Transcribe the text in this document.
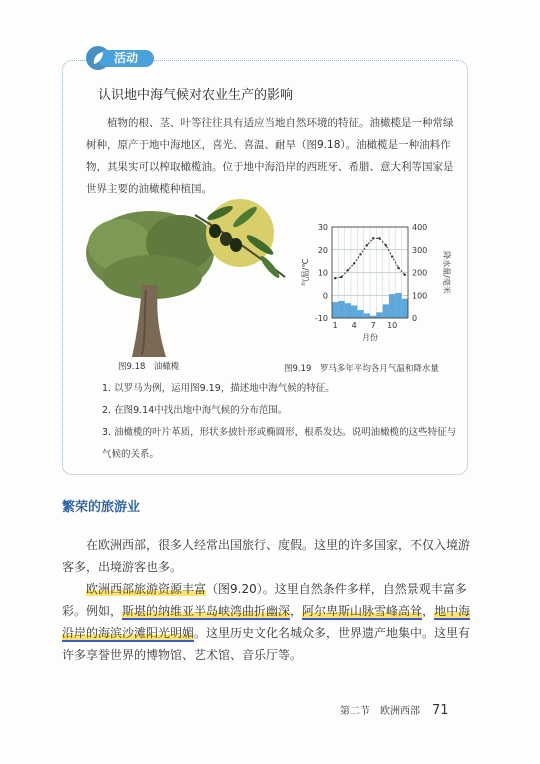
活动
认识地中海气候对农业生产的影响
植物的根、茎、叶等往往具有适应当地自然环境的特征。油橄榄是一种常绿树种，原产于地中海地区，喜光、喜温、耐旱（图9.18）。油橄榄是一种油料作物，其果实可以榨取橄榄油。位于地中海沿岸的西班牙、希腊、意大利等国家是世界主要的油橄榄种植国。
-10
0
10
20
30
0
100
200
300
400
1 4 7 10
月份
气温/℃	降水量/毫米
图9.18　油橄榄	图9.19　罗马多年平均各月气温和降水量
1. 以罗马为例，运用图9.19，描述地中海气候的特征。
2. 在图9.14中找出地中海气候的分布范围。
3. 油橄榄的叶片革质，形状多披针形或椭圆形，根系发达。说明油橄榄的这些特征与气候的关系。
繁荣的旅游业
在欧洲西部，很多人经常出国旅行、度假。这里的许多国家，不仅入境游客多，出境游客也多。
欧洲西部旅游资源丰富（图9.20）。这里自然条件多样，自然景观丰富多彩。例如，斯堪的纳维亚半岛峡湾曲折幽深，阿尔卑斯山脉雪峰高耸，地中海沿岸的海滨沙滩阳光明媚。这里历史文化名城众多，世界遗产地集中。这里有许多享誉世界的博物馆、艺术馆、音乐厅等。
第二节　欧洲西部 71
